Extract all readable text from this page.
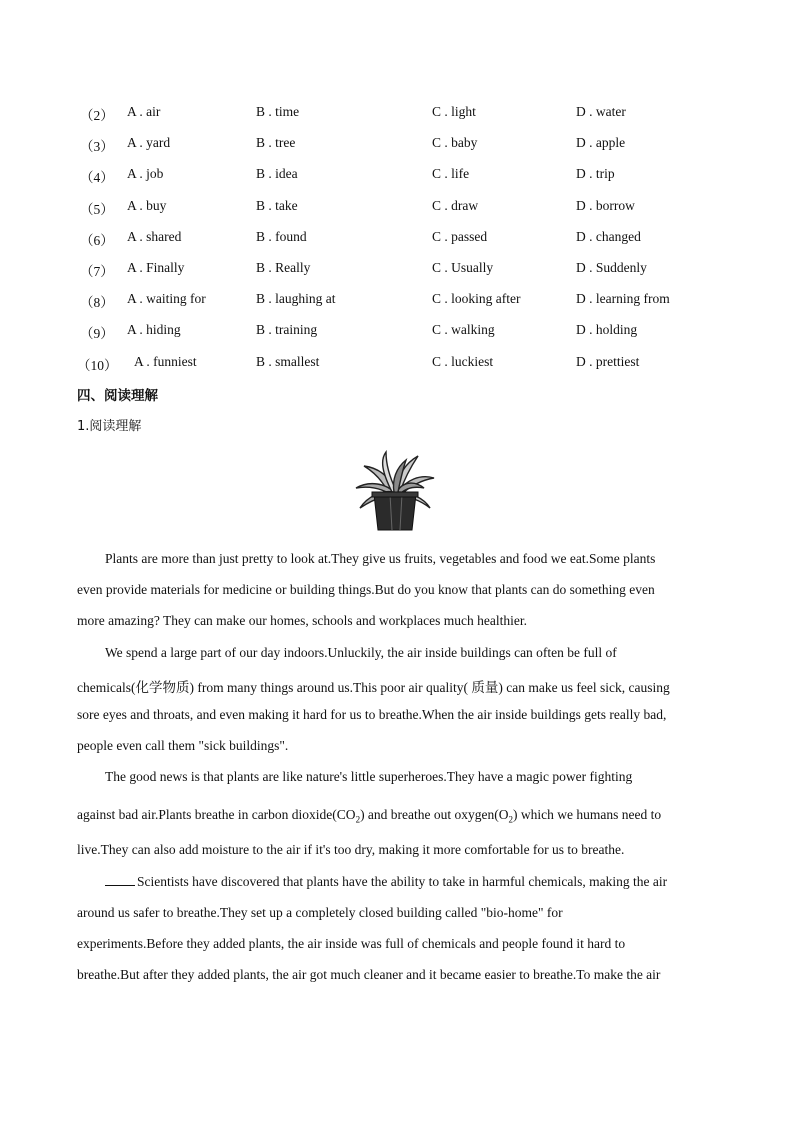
（2） A . air	B . time	C . light	D . water
（3） A . yard	B . tree	C . baby	D . apple
（4） A . job	B . idea	C . life	D . trip
（5） A . buy	B . take	C . draw	D . borrow
（6） A . shared	B . found	C . passed	D . changed
（7） A . Finally	B . Really	C . Usually	D . Suddenly
（8） A . waiting for	B . laughing at	C . looking after	D . learning from
（9） A . hiding	B . training	C . walking	D . holding
（10） A . funniest	B . smallest	C . luckiest	D . prettiest
四、阅读理解
1.阅读理解
Plants are more than just pretty to look at.They give us fruits, vegetables and food we eat.Some plants
even provide materials for medicine or building things.But do you know that plants can do something even
more amazing? They can make our homes, schools and workplaces much healthier.
We spend a large part of our day indoors.Unluckily, the air inside buildings can often be full of
chemicals(化学物质) from many things around us.This poor air quality( 质量) can make us feel sick, causing
sore eyes and throats, and even making it hard for us to breathe.When the air inside buildings gets really bad,
people even call them "sick buildings".
The good news is that plants are like nature's little superheroes.They have a magic power fighting
against bad air.Plants breathe in carbon $dioxide(CO_2)$ and breathe out $oxygen(O_2)$ which we humans need to
live.They can also add moisture to the air if it's too dry, making it more comfortable for us to breathe.
Scientists have discovered that plants have the ability to take in harmful chemicals, making the air
around us safer to breathe.They set up a completely closed building called "bio-home" for
experiments.Before they added plants, the air inside was full of chemicals and people found it hard to
breathe.But after they added plants, the air got much cleaner and it became easier to breathe.To make the air
